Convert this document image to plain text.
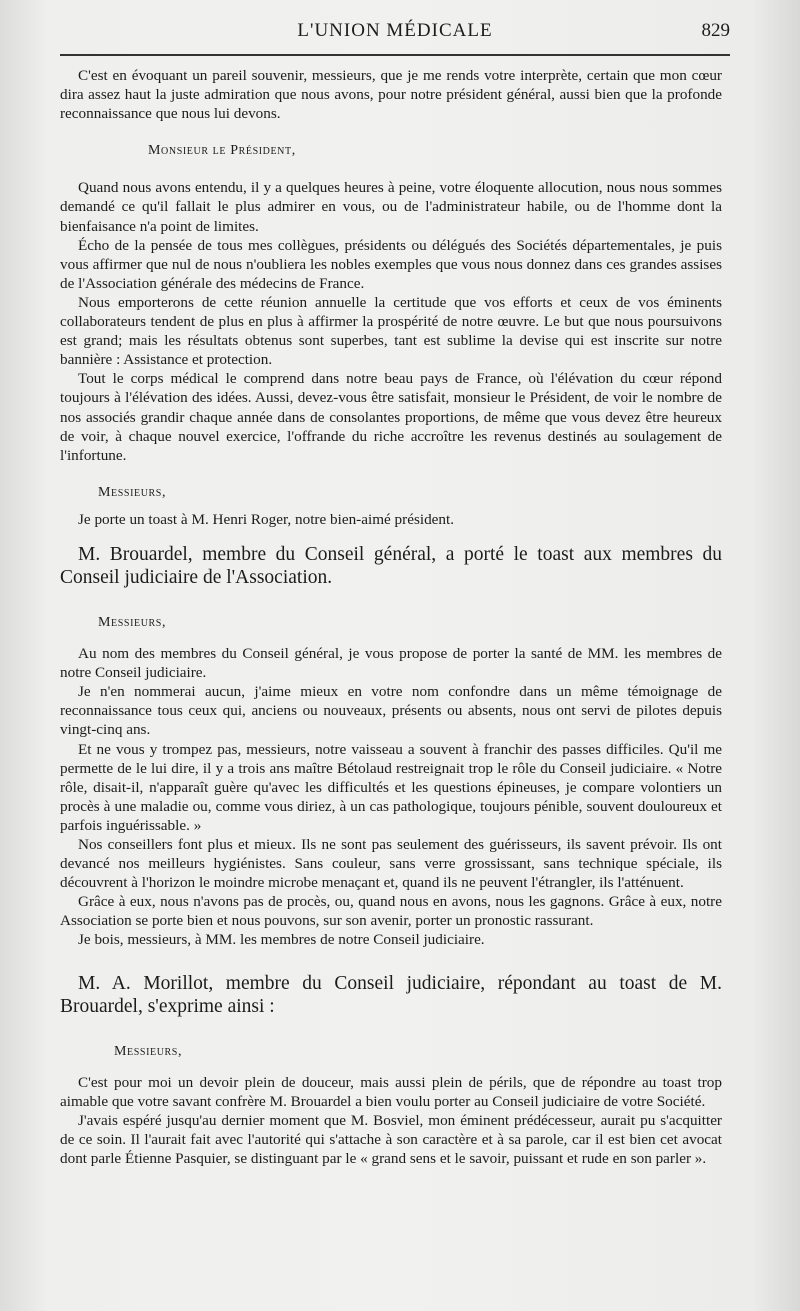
L'UNION MÉDICALE	829

C'est en évoquant un pareil souvenir, messieurs, que je me rends votre interprète, certain que mon cœur dira assez haut la juste admiration que nous avons, pour notre président général, aussi bien que la profonde reconnaissance que nous lui devons.

Monsieur le Président,

Quand nous avons entendu, il y a quelques heures à peine, votre éloquente allocution, nous nous sommes demandé ce qu'il fallait le plus admirer en vous, ou de l'administrateur habile, ou de l'homme dont la bienfaisance n'a point de limites.

Écho de la pensée de tous mes collègues, présidents ou délégués des Sociétés départementales, je puis vous affirmer que nul de nous n'oubliera les nobles exemples que vous nous donnez dans ces grandes assises de l'Association générale des médecins de France.

Nous emporterons de cette réunion annuelle la certitude que vos efforts et ceux de vos éminents collaborateurs tendent de plus en plus à affirmer la prospérité de notre œuvre. Le but que nous poursuivons est grand; mais les résultats obtenus sont superbes, tant est sublime la devise qui est inscrite sur notre bannière : Assistance et protection.

Tout le corps médical le comprend dans notre beau pays de France, où l'élévation du cœur répond toujours à l'élévation des idées. Aussi, devez-vous être satisfait, monsieur le Président, de voir le nombre de nos associés grandir chaque année dans de consolantes proportions, de même que vous devez être heureux de voir, à chaque nouvel exercice, l'offrande du riche accroître les revenus destinés au soulagement de l'infortune.

Messieurs,

Je porte un toast à M. Henri Roger, notre bien-aimé président.

M. Brouardel, membre du Conseil général, a porté le toast aux membres du Conseil judiciaire de l'Association.

Messieurs,

Au nom des membres du Conseil général, je vous propose de porter la santé de MM. les membres de notre Conseil judiciaire.

Je n'en nommerai aucun, j'aime mieux en votre nom confondre dans un même témoignage de reconnaissance tous ceux qui, anciens ou nouveaux, présents ou absents, nous ont servi de pilotes depuis vingt-cinq ans.

Et ne vous y trompez pas, messieurs, notre vaisseau a souvent à franchir des passes difficiles. Qu'il me permette de le lui dire, il y a trois ans maître Bétolaud restreignait trop le rôle du Conseil judiciaire. « Notre rôle, disait-il, n'apparaît guère qu'avec les difficultés et les questions épineuses, je compare volontiers un procès à une maladie ou, comme vous diriez, à un cas pathologique, toujours pénible, souvent douloureux et parfois inguérissable. »

Nos conseillers font plus et mieux. Ils ne sont pas seulement des guérisseurs, ils savent prévoir. Ils ont devancé nos meilleurs hygiénistes. Sans couleur, sans verre grossissant, sans technique spéciale, ils découvrent à l'horizon le moindre microbe menaçant et, quand ils ne peuvent l'étrangler, ils l'atténuent.

Grâce à eux, nous n'avons pas de procès, ou, quand nous en avons, nous les gagnons. Grâce à eux, notre Association se porte bien et nous pouvons, sur son avenir, porter un pronostic rassurant.

Je bois, messieurs, à MM. les membres de notre Conseil judiciaire.

M. A. Morillot, membre du Conseil judiciaire, répondant au toast de M. Brouardel, s'exprime ainsi :

Messieurs,

C'est pour moi un devoir plein de douceur, mais aussi plein de périls, que de répondre au toast trop aimable que votre savant confrère M. Brouardel a bien voulu porter au Conseil judiciaire de votre Société.

J'avais espéré jusqu'au dernier moment que M. Bosviel, mon éminent prédécesseur, aurait pu s'acquitter de ce soin. Il l'aurait fait avec l'autorité qui s'attache à son caractère et à sa parole, car il est bien cet avocat dont parle Étienne Pasquier, se distinguant par le « grand sens et le savoir, puissant et rude en son parler ».
